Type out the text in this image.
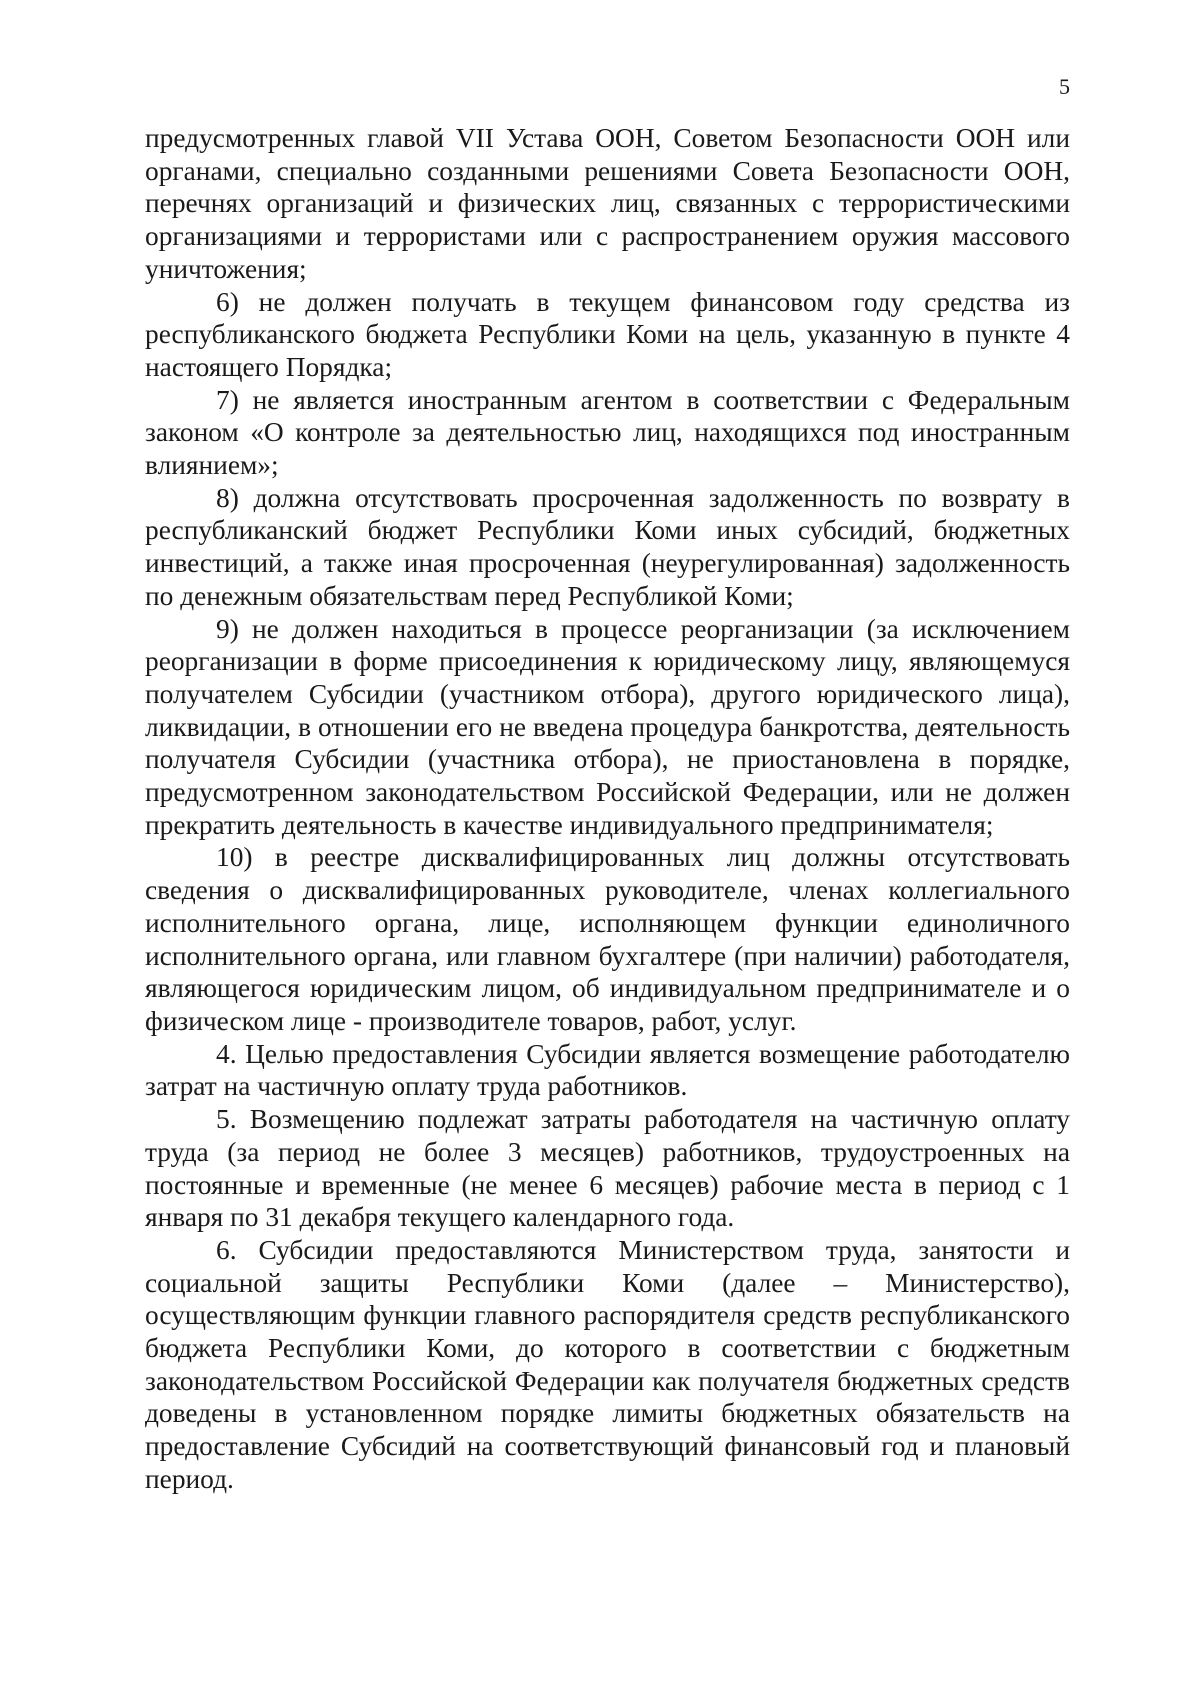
5

предусмотренных главой VII Устава ООН, Советом Безопасности ООН или органами, специально созданными решениями Совета Безопасности ООН, перечнях организаций и физических лиц, связанных с террористическими организациями и террористами или с распространением оружия массового уничтожения;

6) не должен получать в текущем финансовом году средства из республиканского бюджета Республики Коми на цель, указанную в пункте 4 настоящего Порядка;

7) не является иностранным агентом в соответствии с Федеральным законом «О контроле за деятельностью лиц, находящихся под иностранным влиянием»;

8) должна отсутствовать просроченная задолженность по возврату в республиканский бюджет Республики Коми иных субсидий, бюджетных инвестиций, а также иная просроченная (неурегулированная) задолженность по денежным обязательствам перед Республикой Коми;

9) не должен находиться в процессе реорганизации (за исключением реорганизации в форме присоединения к юридическому лицу, являющемуся получателем Субсидии (участником отбора), другого юридического лица), ликвидации, в отношении его не введена процедура банкротства, деятельность получателя Субсидии (участника отбора), не приостановлена в порядке, предусмотренном законодательством Российской Федерации, или не должен прекратить деятельность в качестве индивидуального предпринимателя;

10) в реестре дисквалифицированных лиц должны отсутствовать сведения о дисквалифицированных руководителе, членах коллегиального исполнительного органа, лице, исполняющем функции единоличного исполнительного органа, или главном бухгалтере (при наличии) работодателя, являющегося юридическим лицом, об индивидуальном предпринимателе и о физическом лице - производителе товаров, работ, услуг.

4. Целью предоставления Субсидии является возмещение работодателю затрат на частичную оплату труда работников.

5. Возмещению подлежат затраты работодателя на частичную оплату труда (за период не более 3 месяцев) работников, трудоустроенных на постоянные и временные (не менее 6 месяцев) рабочие места в период с 1 января по 31 декабря текущего календарного года.

6. Субсидии предоставляются Министерством труда, занятости и социальной защиты Республики Коми (далее – Министерство), осуществляющим функции главного распорядителя средств республиканского бюджета Республики Коми, до которого в соответствии с бюджетным законодательством Российской Федерации как получателя бюджетных средств доведены в установленном порядке лимиты бюджетных обязательств на предоставление Субсидий на соответствующий финансовый год и плановый период.
